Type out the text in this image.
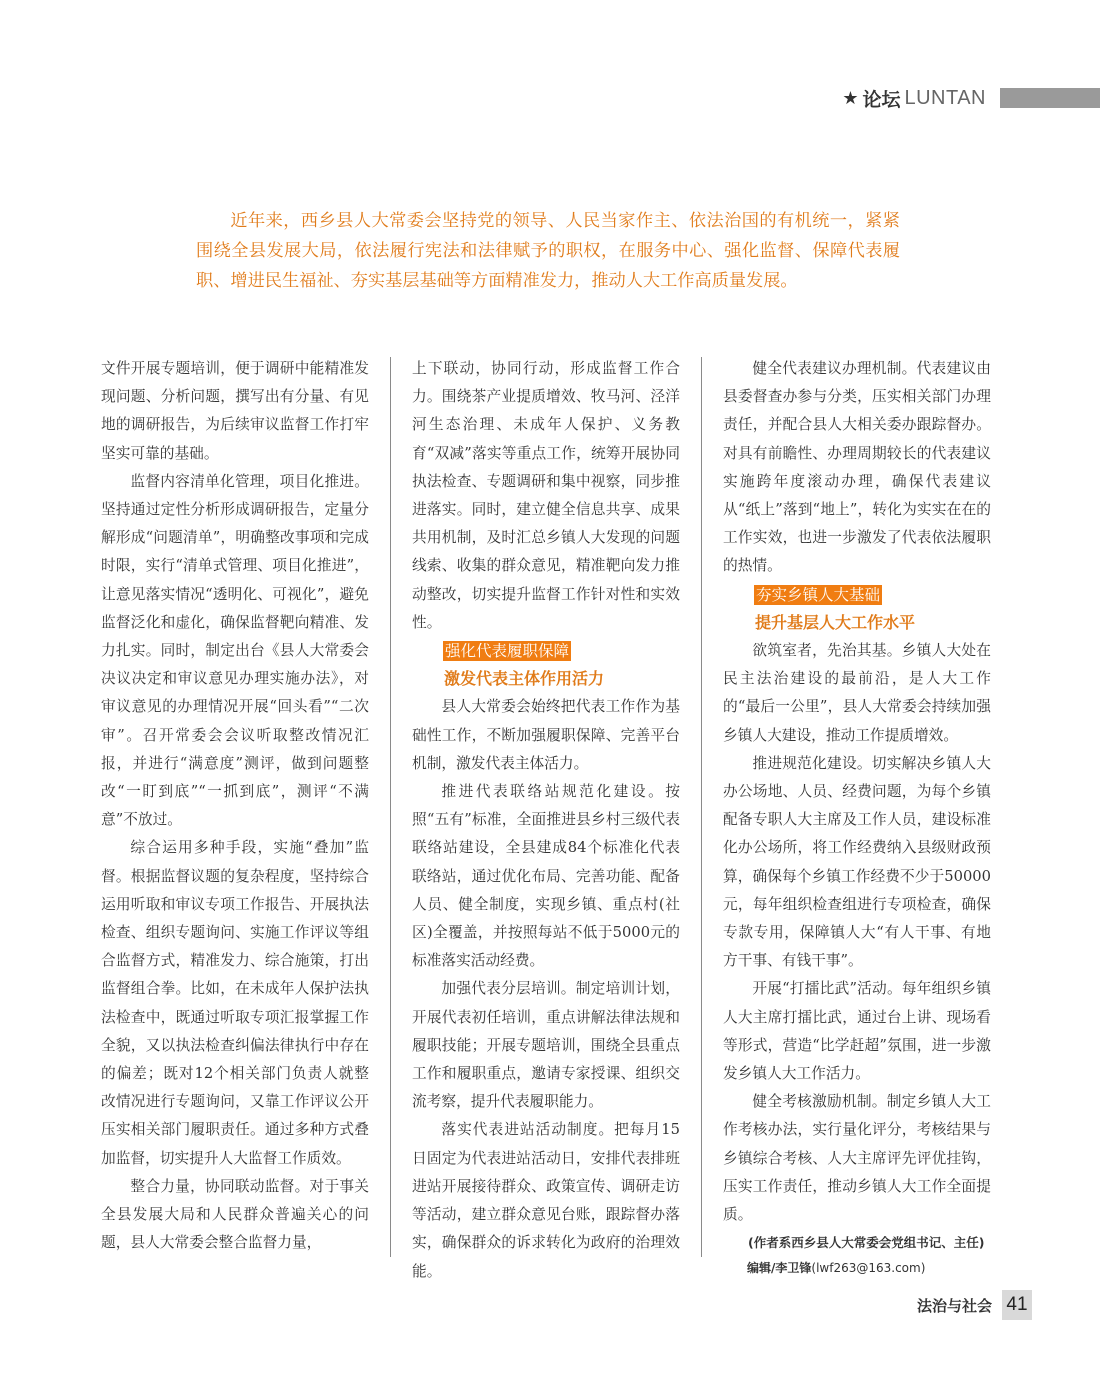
★ 论坛 LUNTAN

近年来，西乡县人大常委会坚持党的领导、人民当家作主、依法治国的有机统一，紧紧围绕全县发展大局，依法履行宪法和法律赋予的职权，在服务中心、强化监督、保障代表履职、增进民生福祉、夯实基层基础等方面精准发力，推动人大工作高质量发展。

文件开展专题培训，便于调研中能精准发现问题、分析问题，撰写出有分量、有见地的调研报告，为后续审议监督工作打牢坚实可靠的基础。

监督内容清单化管理，项目化推进。坚持通过定性分析形成调研报告，定量分解形成“问题清单”，明确整改事项和完成时限，实行“清单式管理、项目化推进”，让意见落实情况“透明化、可视化”，避免监督泛化和虚化，确保监督靶向精准、发力扎实。同时，制定出台《县人大常委会决议决定和审议意见办理实施办法》，对审议意见的办理情况开展“回头看”“二次审”。召开常委会会议听取整改情况汇报，并进行“满意度”测评，做到问题整改“一盯到底”“一抓到底”，测评“不满意”不放过。

综合运用多种手段，实施“叠加”监督。根据监督议题的复杂程度，坚持综合运用听取和审议专项工作报告、开展执法检查、组织专题询问、实施工作评议等组合监督方式，精准发力、综合施策，打出监督组合拳。比如，在未成年人保护法执法检查中，既通过听取专项汇报掌握工作全貌，又以执法检查纠偏法律执行中存在的偏差；既对12个相关部门负责人就整改情况进行专题询问，又靠工作评议公开压实相关部门履职责任。通过多种方式叠加监督，切实提升人大监督工作质效。

整合力量，协同联动监督。对于事关全县发展大局和人民群众普遍关心的问题，县人大常委会整合监督力量，

上下联动，协同行动，形成监督工作合力。围绕茶产业提质增效、牧马河、泾洋河生态治理、未成年人保护、义务教育“双减”落实等重点工作，统筹开展协同执法检查、专题调研和集中视察，同步推进落实。同时，建立健全信息共享、成果共用机制，及时汇总乡镇人大发现的问题线索、收集的群众意见，精准靶向发力推动整改，切实提升监督工作针对性和实效性。

强化代表履职保障

激发代表主体作用活力

县人大常委会始终把代表工作作为基础性工作，不断加强履职保障、完善平台机制，激发代表主体活力。

推进代表联络站规范化建设。按照“五有”标准，全面推进县乡村三级代表联络站建设，全县建成84个标准化代表联络站，通过优化布局、完善功能、配备人员、健全制度，实现乡镇、重点村(社区)全覆盖，并按照每站不低于5000元的标准落实活动经费。

加强代表分层培训。制定培训计划，开展代表初任培训，重点讲解法律法规和履职技能；开展专题培训，围绕全县重点工作和履职重点，邀请专家授课、组织交流考察，提升代表履职能力。

落实代表进站活动制度。把每月15日固定为代表进站活动日，安排代表排班进站开展接待群众、政策宣传、调研走访等活动，建立群众意见台账，跟踪督办落实，确保群众的诉求转化为政府的治理效能。

健全代表建议办理机制。代表建议由县委督查办参与分类，压实相关部门办理责任，并配合县人大相关委办跟踪督办。对具有前瞻性、办理周期较长的代表建议实施跨年度滚动办理，确保代表建议从“纸上”落到“地上”，转化为实实在在的工作实效，也进一步激发了代表依法履职的热情。

夯实乡镇人大基础

提升基层人大工作水平

欲筑室者，先治其基。乡镇人大处在民主法治建设的最前沿，是人大工作的“最后一公里”，县人大常委会持续加强乡镇人大建设，推动工作提质增效。

推进规范化建设。切实解决乡镇人大办公场地、人员、经费问题，为每个乡镇配备专职人大主席及工作人员，建设标准化办公场所，将工作经费纳入县级财政预算，确保每个乡镇工作经费不少于50000元，每年组织检查组进行专项检查，确保专款专用，保障镇人大“有人干事、有地方干事、有钱干事”。

开展“打擂比武”活动。每年组织乡镇人大主席打擂比武，通过台上讲、现场看等形式，营造“比学赶超”氛围，进一步激发乡镇人大工作活力。

健全考核激励机制。制定乡镇人大工作考核办法，实行量化评分，考核结果与乡镇综合考核、人大主席评先评优挂钩，压实工作责任，推动乡镇人大工作全面提质。

(作者系西乡县人大常委会党组书记、主任)

编辑/李卫锋(lwf263@163.com)

法治与社会 41
